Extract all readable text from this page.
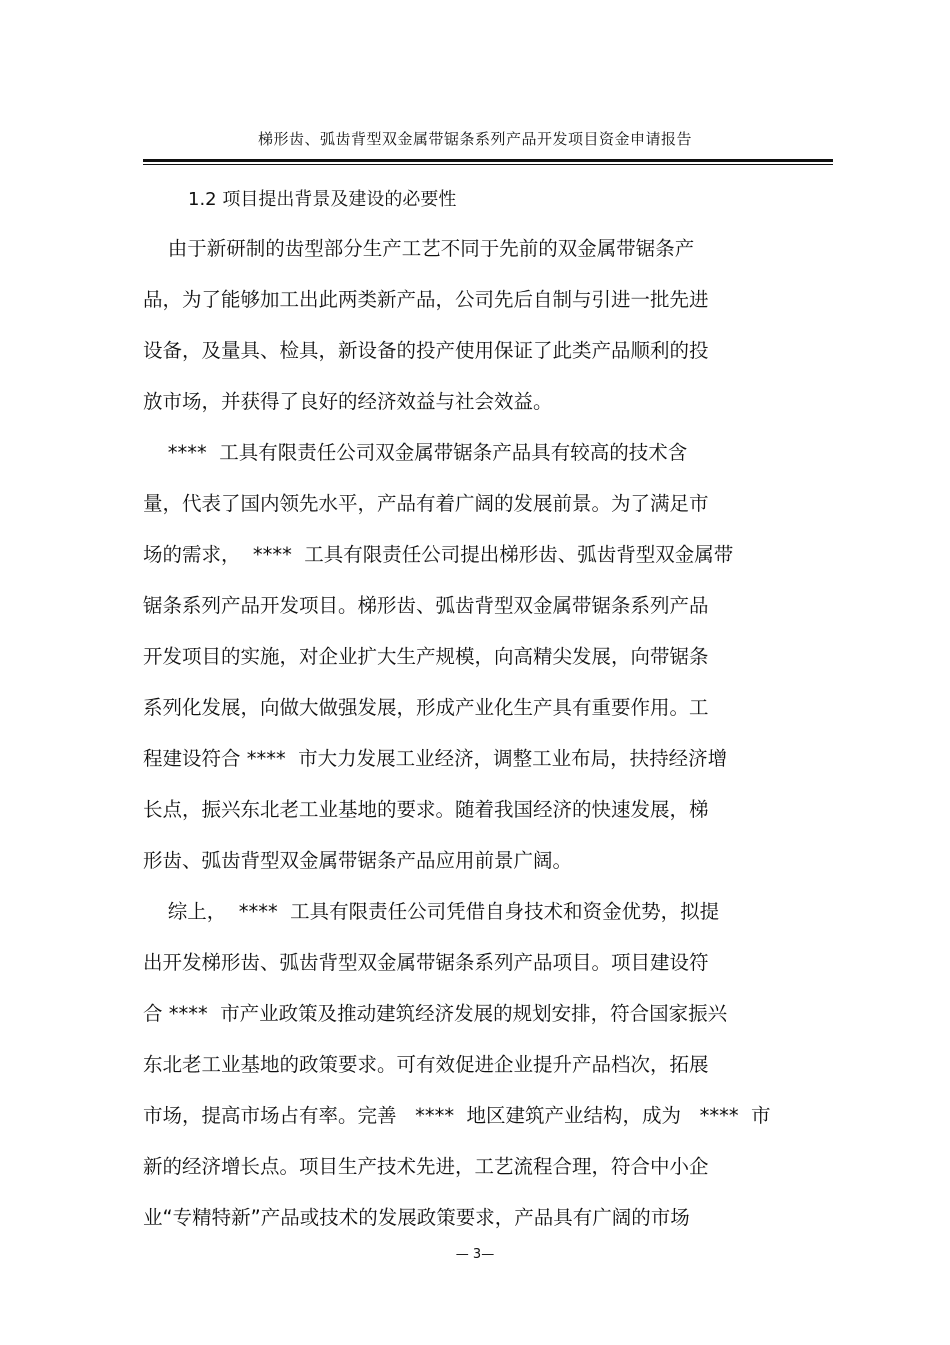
梯形齿、弧齿背型双金属带锯条系列产品开发项目资金申请报告
1.2 项目提出背景及建设的必要性
由于新研制的齿型部分生产工艺不同于先前的双金属带锯条产
品，为了能够加工出此两类新产品，公司先后自制与引进一批先进
设备，及量具、检具，新设备的投产使用保证了此类产品顺利的投
放市场，并获得了良好的经济效益与社会效益。
****  工具有限责任公司双金属带锯条产品具有较高的技术含
量，代表了国内领先水平，产品有着广阔的发展前景。为了满足市
场的需求，  ****  工具有限责任公司提出梯形齿、弧齿背型双金属带
锯条系列产品开发项目。梯形齿、弧齿背型双金属带锯条系列产品
开发项目的实施，对企业扩大生产规模，向高精尖发展，向带锯条
系列化发展，向做大做强发展，形成产业化生产具有重要作用。工
程建设符合 ****  市大力发展工业经济，调整工业布局，扶持经济增
长点，振兴东北老工业基地的要求。随着我国经济的快速发展，梯
形齿、弧齿背型双金属带锯条产品应用前景广阔。
综上，  ****  工具有限责任公司凭借自身技术和资金优势，拟提
出开发梯形齿、弧齿背型双金属带锯条系列产品项目。项目建设符
合 ****  市产业政策及推动建筑经济发展的规划安排，符合国家振兴
东北老工业基地的政策要求。可有效促进企业提升产品档次，拓展
市场，提高市场占有率。完善   ****  地区建筑产业结构，成为   ****  市
新的经济增长点。项目生产技术先进，工艺流程合理，符合中小企
业“专精特新”产品或技术的发展政策要求，产品具有广阔的市场
— 3—
